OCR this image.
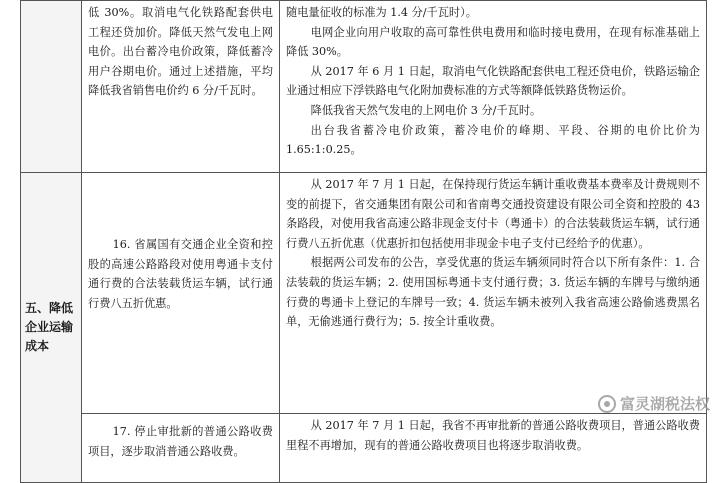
	低 30%。取消电气化铁路配套供电工程还贷加价。降低天然气发电上网电价。出台蓄冷电价政策，降低蓄冷用户谷期电价。通过上述措施，平均降低我省销售电价约 6 分/千瓦时。	随电量征收的标准为 1.4 分/千瓦时）。

电网企业向用户收取的高可靠性供电费用和临时接电费用，在现有标准基础上降低 30%。

从 2017 年 6 月 1 日起，取消电气化铁路配套供电工程还贷电价，铁路运输企业通过相应下浮铁路电气化附加费标准的方式等额降低铁路货物运价。

降低我省天然气发电的上网电价 3 分/千瓦时。

出台我省蓄冷电价政策，蓄冷电价的峰期、平段、谷期的电价比价为 1.65:1:0.25。

五、降低企业运输成本	16. 省属国有交通企业全资和控股的高速公路路段对使用粤通卡支付通行费的合法装载货运车辆，试行通行费八五折优惠。	从 2017 年 7 月 1 日起，在保持现行货运车辆计重收费基本费率及计费规则不变的前提下，省交通集团有限公司和省南粤交通投资建设有限公司全资和控股的 43 条路段，对使用我省高速公路非现金支付卡（粤通卡）的合法装载货运车辆，试行通行费八五折优惠（优惠折扣包括使用非现金卡电子支付已经给予的优惠）。

根据两公司发布的公告，享受优惠的货运车辆须同时符合以下所有条件：1. 合法装载的货运车辆；2. 使用国标粤通卡支付通行费；3. 货运车辆的车牌号与缴纳通行费的粤通卡上登记的车牌号一致；4. 货运车辆未被列入我省高速公路偷逃费黑名单，无偷逃通行费行为；5. 按全计重收费。

	17. 停止审批新的普通公路收费项目，逐步取消普通公路收费。	从 2017 年 7 月 1 日起，我省不再审批新的普通公路收费项目，普通公路收费里程不再增加，现有的普通公路收费项目也将逐步取消收费。

富灵湖税法权
